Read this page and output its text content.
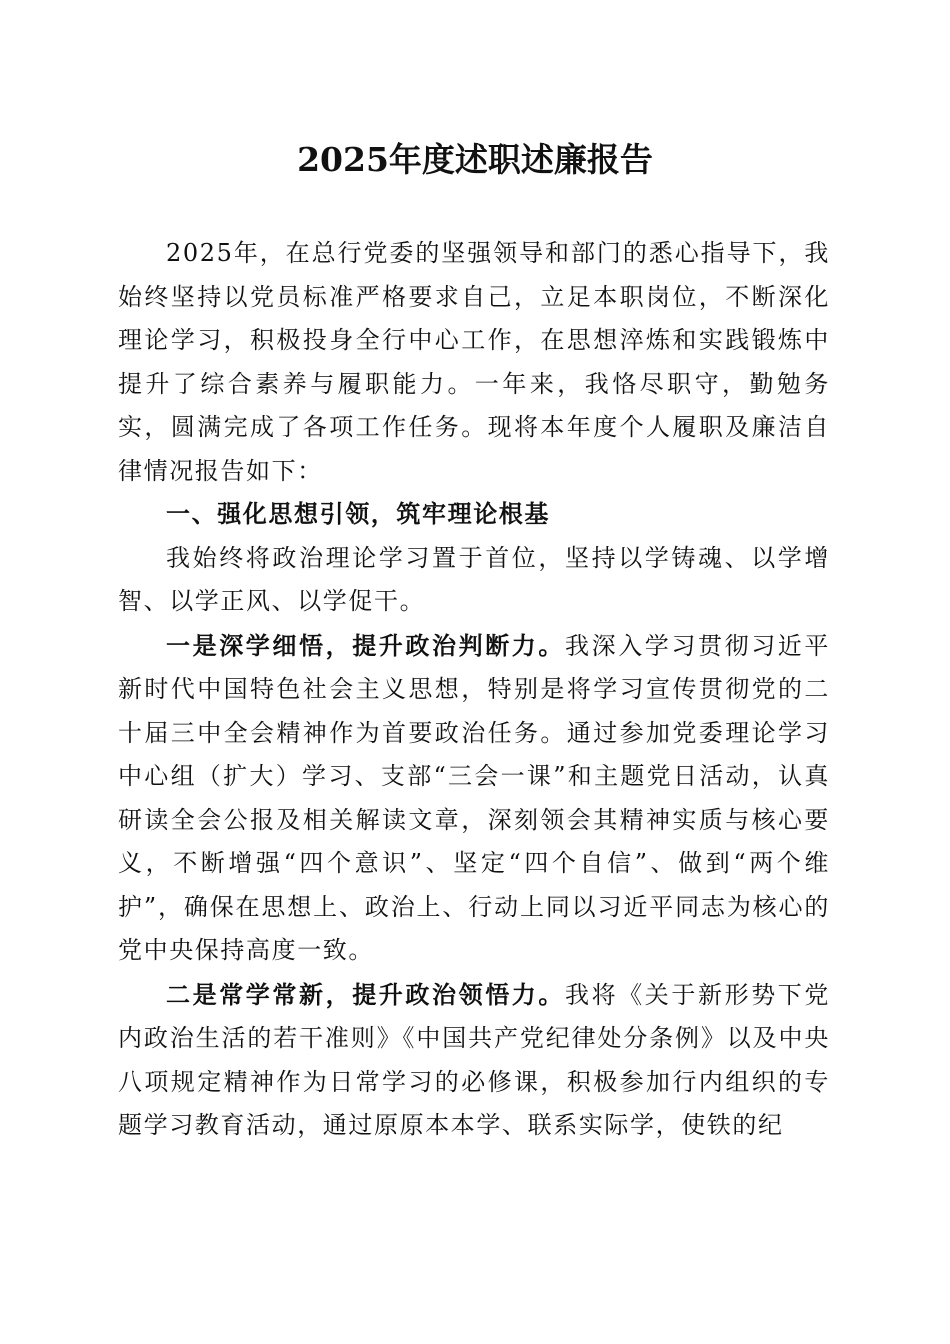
2025年度述职述廉报告

2025年，在总行党委的坚强领导和部门的悉心指导下，我始终坚持以党员标准严格要求自己，立足本职岗位，不断深化理论学习，积极投身全行中心工作，在思想淬炼和实践锻炼中提升了综合素养与履职能力。一年来，我恪尽职守，勤勉务实，圆满完成了各项工作任务。现将本年度个人履职及廉洁自律情况报告如下：

一、强化思想引领，筑牢理论根基

我始终将政治理论学习置于首位，坚持以学铸魂、以学增智、以学正风、以学促干。

一是深学细悟，提升政治判断力。我深入学习贯彻习近平新时代中国特色社会主义思想，特别是将学习宣传贯彻党的二十届三中全会精神作为首要政治任务。通过参加党委理论学习中心组（扩大）学习、支部“三会一课”和主题党日活动，认真研读全会公报及相关解读文章，深刻领会其精神实质与核心要义，不断增强“四个意识”、坚定“四个自信”、做到“两个维护”，确保在思想上、政治上、行动上同以习近平同志为核心的党中央保持高度一致。

二是常学常新，提升政治领悟力。我将《关于新形势下党内政治生活的若干准则》《中国共产党纪律处分条例》以及中央八项规定精神作为日常学习的必修课，积极参加行内组织的专题学习教育活动，通过原原本本学、联系实际学，使铁的纪
